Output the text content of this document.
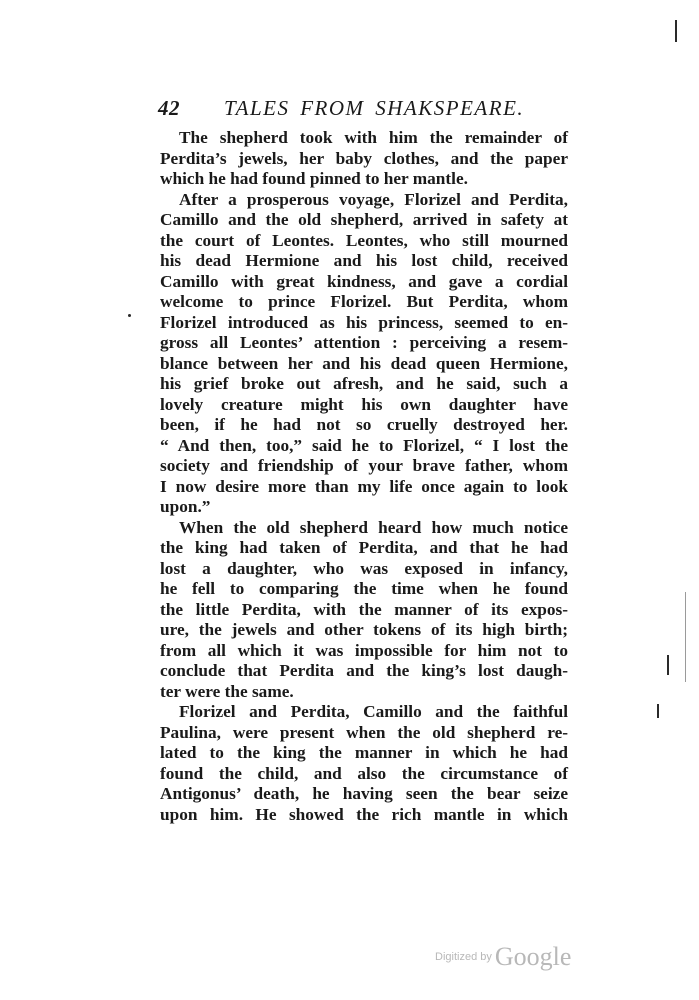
42 TALES FROM SHAKSPEARE.
The shepherd took with him the remainder of
Perdita’s jewels, her baby clothes, and the paper
which he had found pinned to her mantle.
After a prosperous voyage, Florizel and Perdita,
Camillo and the old shepherd, arrived in safety at
the court of Leontes. Leontes, who still mourned
his dead Hermione and his lost child, received
Camillo with great kindness, and gave a cordial
welcome to prince Florizel. But Perdita, whom
Florizel introduced as his princess, seemed to en-
gross all Leontes’ attention : perceiving a resem-
blance between her and his dead queen Hermione,
his grief broke out afresh, and he said, such a
lovely creature might his own daughter have
been, if he had not so cruelly destroyed her.
“ And then, too,” said he to Florizel, “ I lost the
society and friendship of your brave father, whom
I now desire more than my life once again to look
upon.”
When the old shepherd heard how much notice
the king had taken of Perdita, and that he had
lost a daughter, who was exposed in infancy,
he fell to comparing the time when he found
the little Perdita, with the manner of its expos-
ure, the jewels and other tokens of its high birth;
from all which it was impossible for him not to
conclude that Perdita and the king’s lost daugh-
ter were the same.
Florizel and Perdita, Camillo and the faithful
Paulina, were present when the old shepherd re-
lated to the king the manner in which he had
found the child, and also the circumstance of
Antigonus’ death, he having seen the bear seize
upon him. He showed the rich mantle in which
Digitized by Google
